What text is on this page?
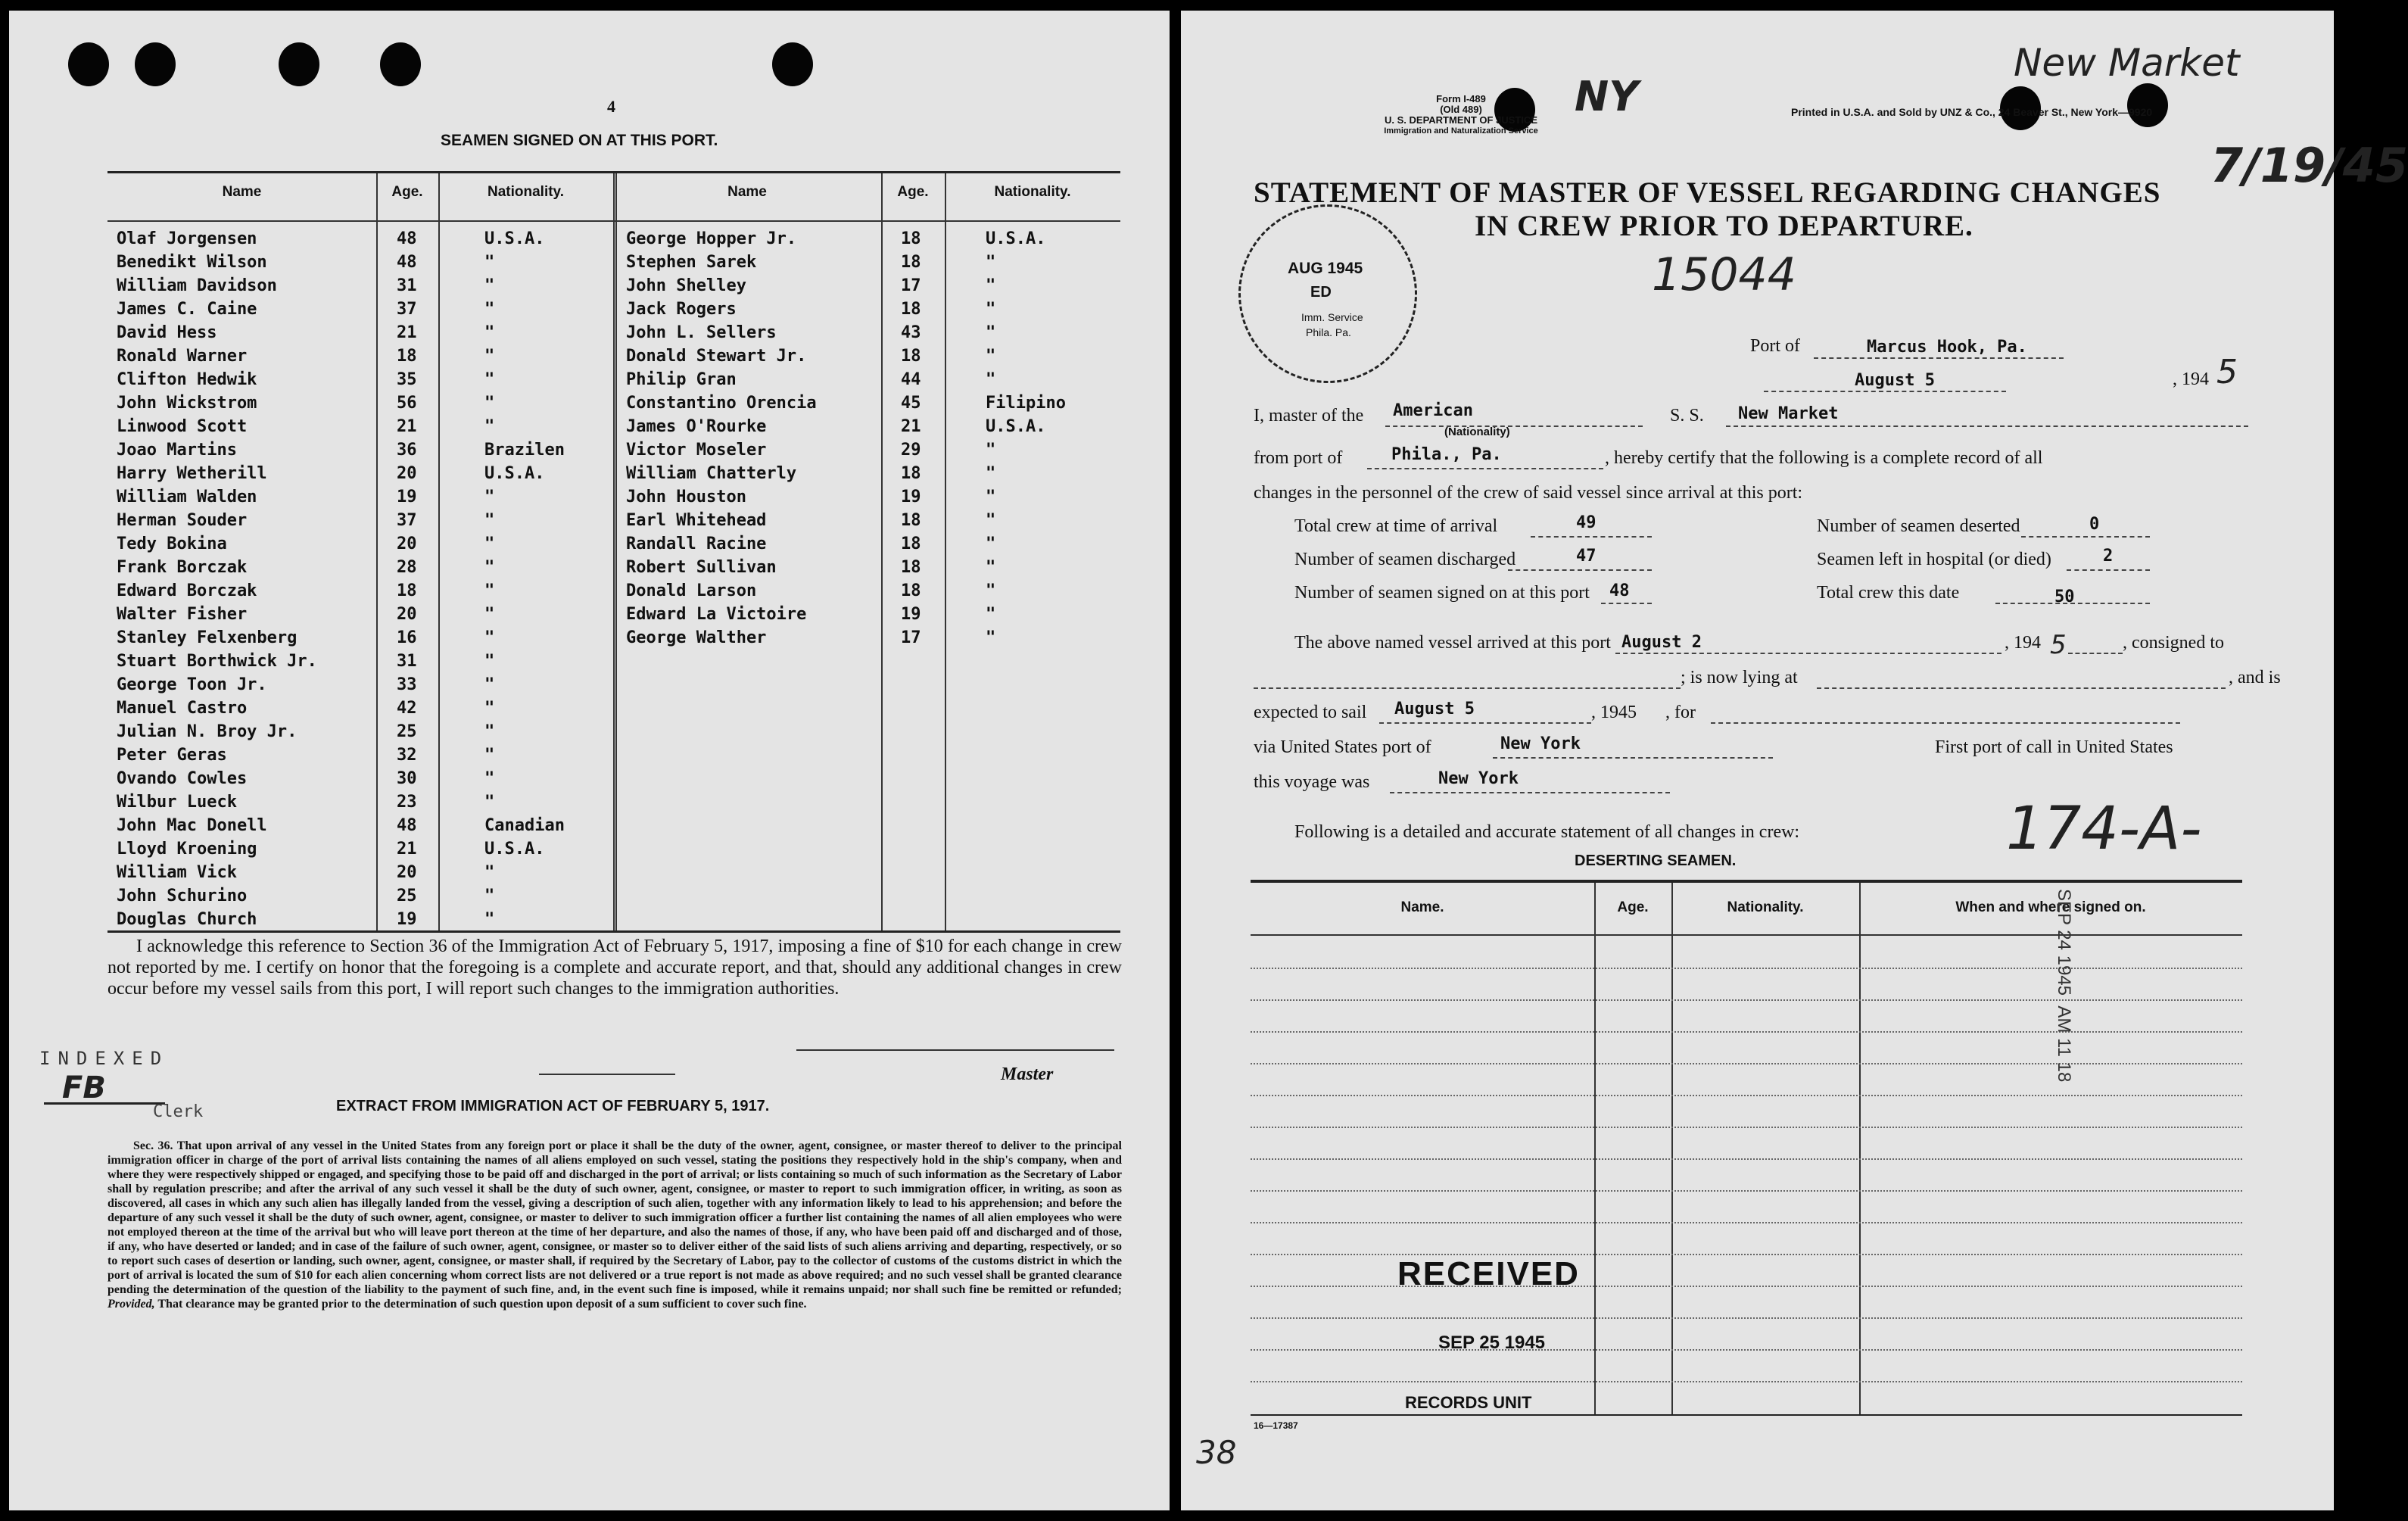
4
SEAMEN SIGNED ON AT THIS PORT.
Name	Age.	Nationality.	Name	Age.	Nationality.
Olaf Jorgensen	48	U.S.A.
Benedikt Wilson	48	"
William Davidson	31	"
James C. Caine	37	"
David Hess	21	"
Ronald Warner	18	"
Clifton Hedwik	35	"
John Wickstrom	56	"
Linwood Scott	21	"
Joao Martins	36	Brazilen
Harry Wetherill	20	U.S.A.
William Walden	19	"
Herman Souder	37	"
Tedy Bokina	20	"
Frank Borczak	28	"
Edward Borczak	18	"
Walter Fisher	20	"
Stanley Felxenberg	16	"
Stuart Borthwick Jr.	31	"
George Toon Jr.	33	"
Manuel Castro	42	"
Julian N. Broy Jr.	25	"
Peter Geras	32	"
Ovando Cowles	30	"
Wilbur Lueck	23	"
John Mac Donell	48	Canadian
Lloyd Kroening	21	U.S.A.
William Vick	20	"
John Schurino	25	"
Douglas Church	19	"
George Hopper Jr.	18	U.S.A.
Stephen Sarek	18	"
John Shelley	17	"
Jack Rogers	18	"
John L. Sellers	43	"
Donald Stewart Jr.	18	"
Philip Gran	44	"
Constantino Orencia	45	Filipino
James O'Rourke	21	U.S.A.
Victor Moseler	29	"
William Chatterly	18	"
John Houston	19	"
Earl Whitehead	18	"
Randall Racine	18	"
Robert Sullivan	18	"
Donald Larson	18	"
Edward La Victoire	19	"
George Walther	17	"
I acknowledge this reference to Section 36 of the Immigration Act of February 5, 1917, imposing a fine of $10 for each change in crew not reported by me. I certify on honor that the foregoing is a complete and accurate report, and that, should any additional changes in crew occur before my vessel sails from this port, I will report such changes to the immigration authorities.
INDEXED
FB
Clerk
Master
EXTRACT FROM IMMIGRATION ACT OF FEBRUARY 5, 1917.
Sec. 36. That upon arrival of any vessel in the United States from any foreign port or place it shall be the duty of the owner, agent, consignee, or master thereof to deliver to the principal immigration officer in charge of the port of arrival lists containing the names of all aliens employed on such vessel, stating the positions they respectively hold in the ship's company, when and where they were respectively shipped or engaged, and specifying those to be paid off and discharged in the port of arrival; or lists containing so much of such information as the Secretary of Labor shall by regulation prescribe; and after the arrival of any such vessel it shall be the duty of such owner, agent, consignee, or master to report to such immigration officer, in writing, as soon as discovered, all cases in which any such alien has illegally landed from the vessel, giving a description of such alien, together with any information likely to lead to his apprehension; and before the departure of any such vessel it shall be the duty of such owner, agent, consignee, or master to deliver to such immigration officer a further list containing the names of all alien employees who were not employed thereon at the time of the arrival but who will leave port thereon at the time of her departure, and also the names of those, if any, who have been paid off and discharged and of those, if any, who have deserted or landed; and in case of the failure of such owner, agent, consignee, or master so to deliver either of the said lists of such aliens arriving and departing, respectively, or so to report such cases of desertion or landing, such owner, agent, consignee, or master shall, if required by the Secretary of Labor, pay to the collector of customs of the customs district in which the port of arrival is located the sum of $10 for each alien concerning whom correct lists are not delivered or a true report is not made as above required; and no such vessel shall be granted clearance pending the determination of the question of the liability to the payment of such fine, and, in the event such fine is imposed, while it remains unpaid; nor shall such fine be remitted or refunded; Provided, That clearance may be granted prior to the determination of such question upon deposit of a sum sufficient to cover such fine.
Form I-489
(Old 489)
U. S. DEPARTMENT OF JUSTICE
Immigration and Naturalization Service
Printed in U.S.A. and Sold by UNZ & Co., 24 Beaver St., New York—9920
New Market
NY
7/19/45
STATEMENT OF MASTER OF VESSEL REGARDING CHANGES
IN CREW PRIOR TO DEPARTURE.
AUG 1945
ED
Imm. Service
Phila. Pa.
15044
Port of	Marcus Hook, Pa.
August 5	, 194 5
I, master of the American
(Nationality)
S. S. New Market
from port of	Phila., Pa.	, hereby certify that the following is a complete record of all
changes in the personnel of the crew of said vessel since arrival at this port:
Total crew at time of arrival	49
Number of seamen discharged	47
Number of seamen signed on at this port 48
Number of seamen deserted	0
Seamen left in hospital (or died)	2
Total crew this date	50
The above named vessel arrived at this port August 2	, 194 5	, consigned to
; is now lying at	, and is
expected to sail August 5	, 1945 , for
via United States port of	New York	First port of call in United States
this voyage was	New York
Following is a detailed and accurate statement of all changes in crew:	174-A-
DESERTING SEAMEN.
Name.	Age.	Nationality.	When and where signed on.
SEP 24 1945  AM 11 18
RECEIVED
SEP 25 1945
RECORDS UNIT
16—17387
38
